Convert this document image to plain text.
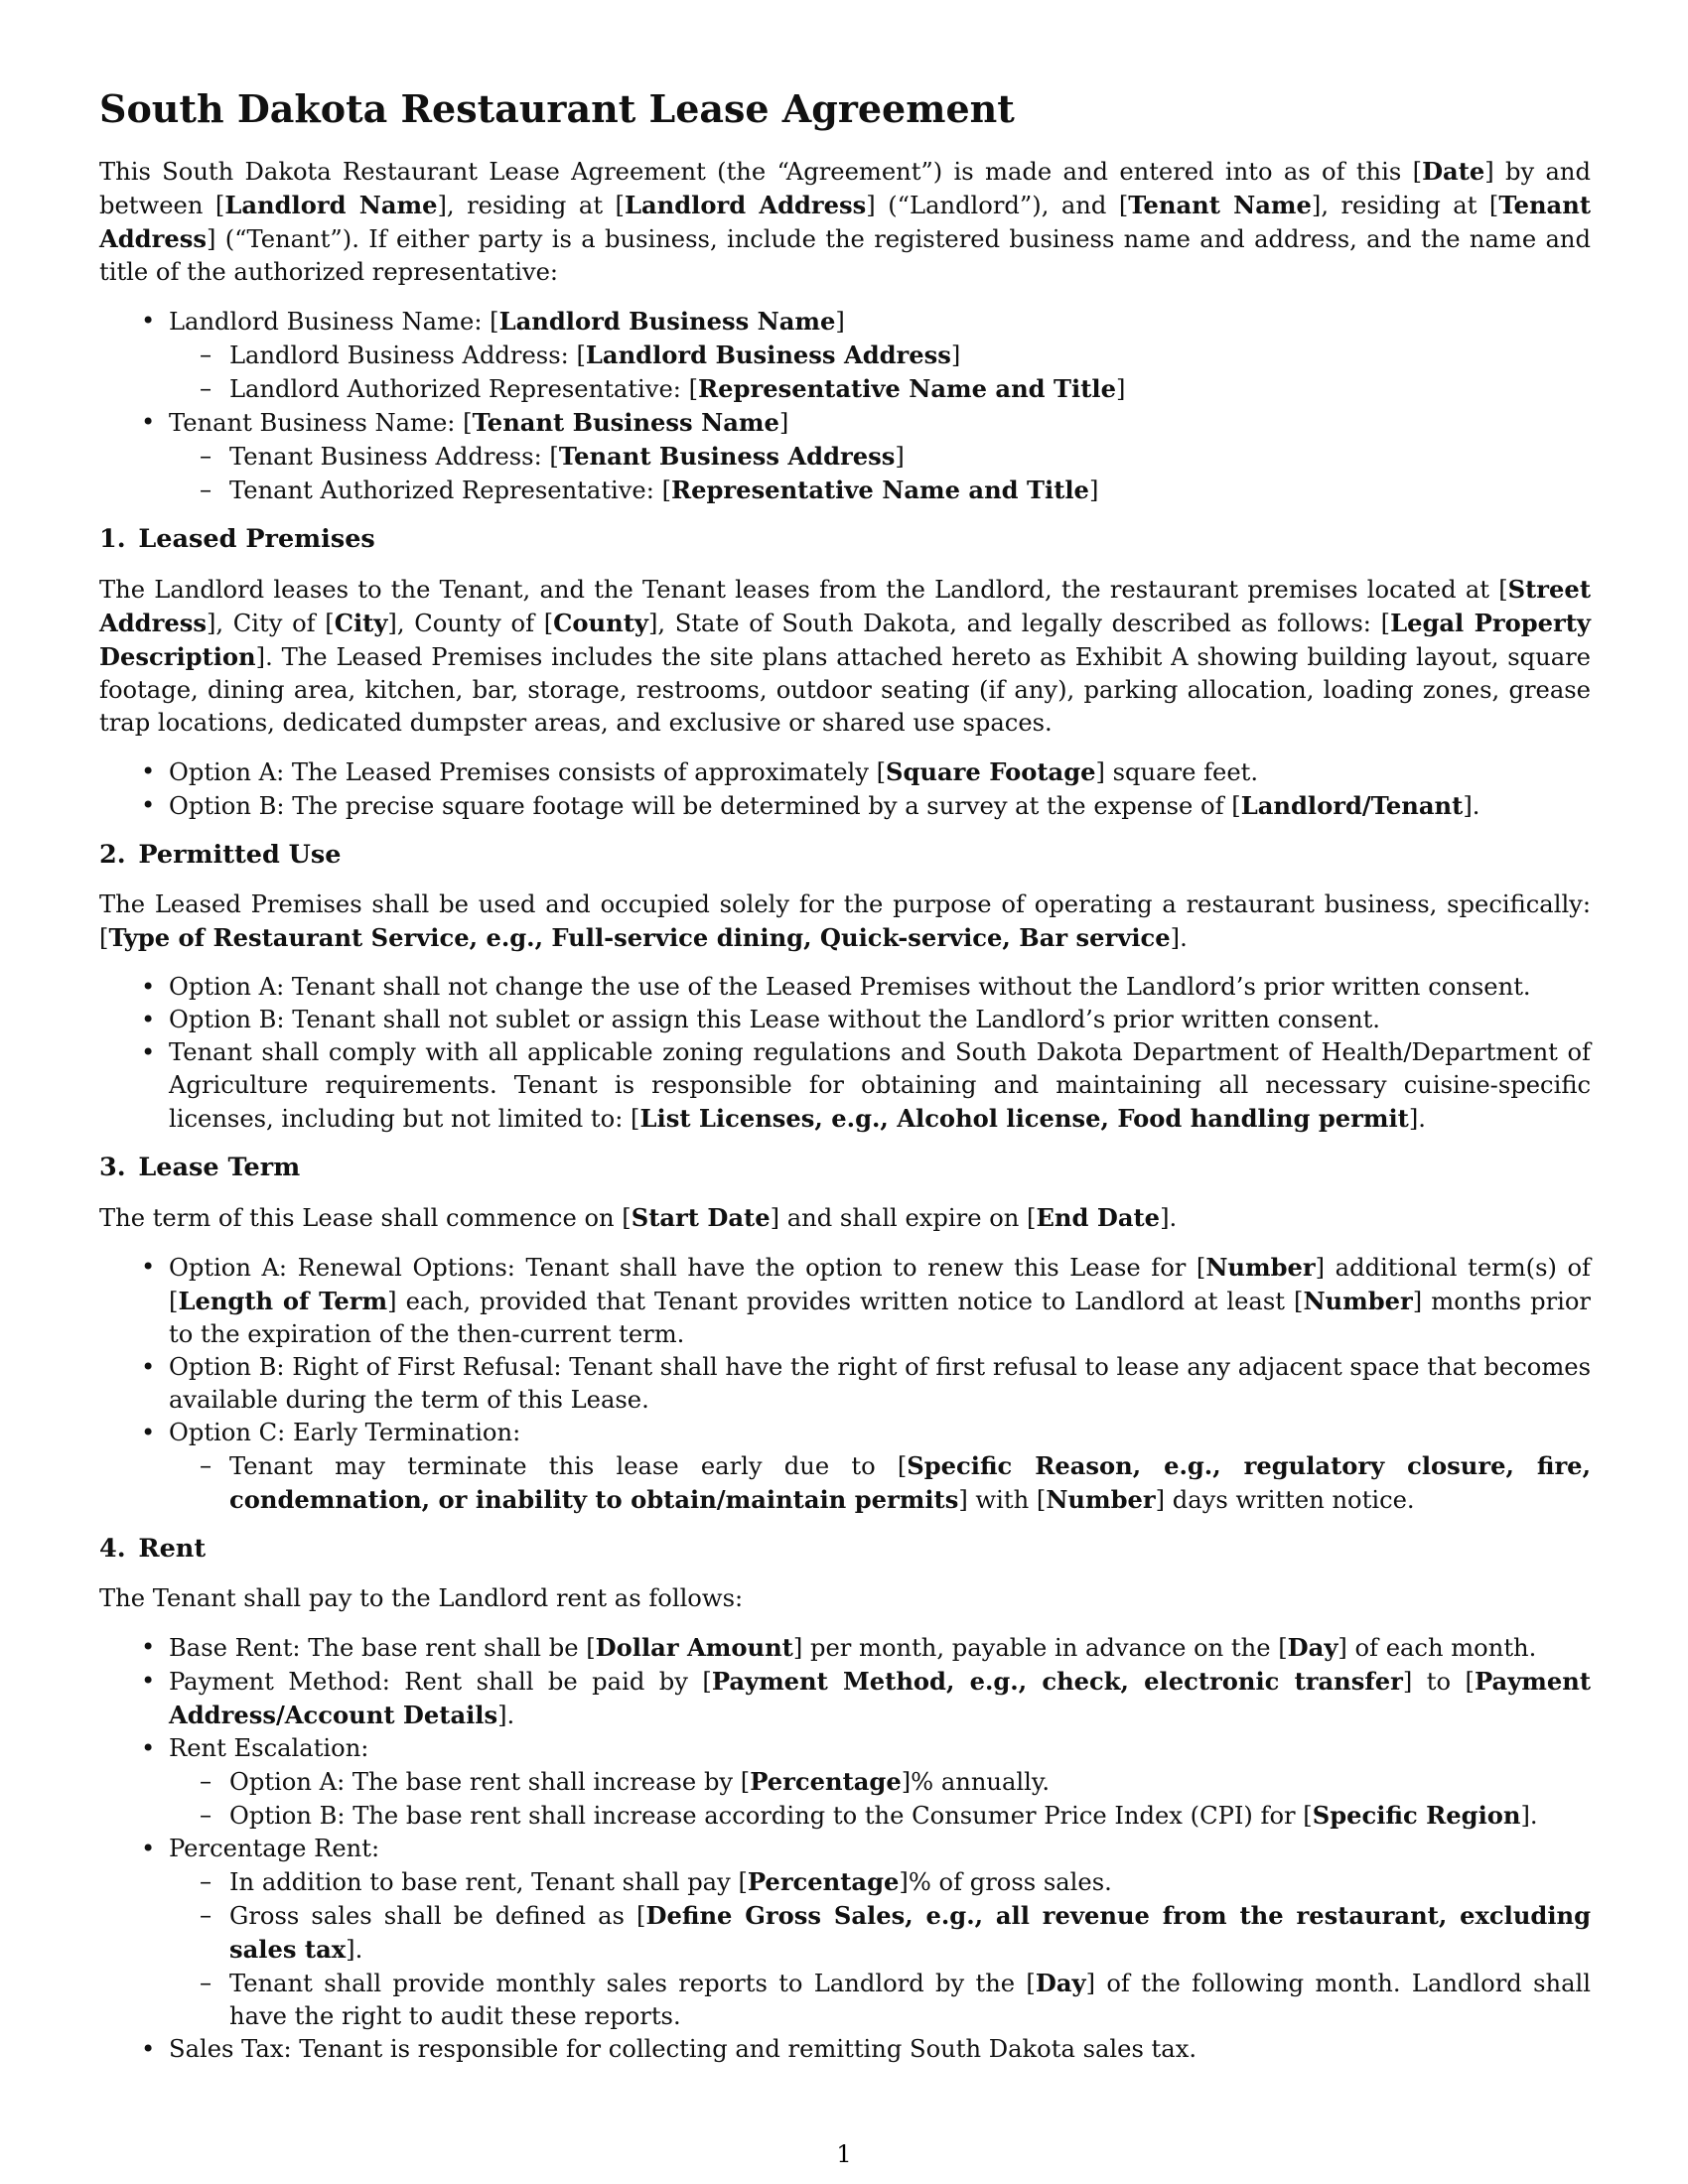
South Dakota Restaurant Lease Agreement

This South Dakota Restaurant Lease Agreement (the “Agreement”) is made and entered into as of this [Date] by and between [Landlord Name], residing at [Landlord Address] (“Landlord”), and [Tenant Name], residing at [Tenant Address] (“Tenant”). If either party is a business, include the registered business name and address, and the name and title of the authorized representative:

• Landlord Business Name: [Landlord Business Name]
– Landlord Business Address: [Landlord Business Address]
– Landlord Authorized Representative: [Representative Name and Title]
• Tenant Business Name: [Tenant Business Name]
– Tenant Business Address: [Tenant Business Address]
– Tenant Authorized Representative: [Representative Name and Title]
1. Leased Premises

The Landlord leases to the Tenant, and the Tenant leases from the Landlord, the restaurant premises located at [Street Address], City of [City], County of [County], State of South Dakota, and legally described as follows: [Legal Property Description]. The Leased Premises includes the site plans attached hereto as Exhibit A showing building layout, square footage, dining area, kitchen, bar, storage, restrooms, outdoor seating (if any), parking allocation, loading zones, grease trap locations, dedicated dumpster areas, and exclusive or shared use spaces.

• Option A: The Leased Premises consists of approximately [Square Footage] square feet.
• Option B: The precise square footage will be determined by a survey at the expense of [Landlord/Tenant].
2. Permitted Use

The Leased Premises shall be used and occupied solely for the purpose of operating a restaurant business, specifically: [Type of Restaurant Service, e.g., Full-service dining, Quick-service, Bar service].

• Option A: Tenant shall not change the use of the Leased Premises without the Landlord’s prior written consent.
• Option B: Tenant shall not sublet or assign this Lease without the Landlord’s prior written consent.
• Tenant shall comply with all applicable zoning regulations and South Dakota Department of Health/Department of Agriculture requirements. Tenant is responsible for obtaining and maintaining all necessary cuisine-specific licenses, including but not limited to: [List Licenses, e.g., Alcohol license, Food handling permit].
3. Lease Term

The term of this Lease shall commence on [Start Date] and shall expire on [End Date].

• Option A: Renewal Options: Tenant shall have the option to renew this Lease for [Number] additional term(s) of [Length of Term] each, provided that Tenant provides written notice to Landlord at least [Number] months prior to the expiration of the then-current term.
• Option B: Right of First Refusal: Tenant shall have the right of first refusal to lease any adjacent space that becomes available during the term of this Lease.
• Option C: Early Termination:
– Tenant may terminate this lease early due to [Specific Reason, e.g., regulatory closure, fire, condemnation, or inability to obtain/maintain permits] with [Number] days written notice.
4. Rent

The Tenant shall pay to the Landlord rent as follows:

• Base Rent: The base rent shall be [Dollar Amount] per month, payable in advance on the [Day] of each month.
• Payment Method: Rent shall be paid by [Payment Method, e.g., check, electronic transfer] to [Payment Address/Account Details].
• Rent Escalation:
– Option A: The base rent shall increase by [Percentage]% annually.
– Option B: The base rent shall increase according to the Consumer Price Index (CPI) for [Specific Region].
• Percentage Rent:
– In addition to base rent, Tenant shall pay [Percentage]% of gross sales.
– Gross sales shall be defined as [Define Gross Sales, e.g., all revenue from the restaurant, excluding sales tax].
– Tenant shall provide monthly sales reports to Landlord by the [Day] of the following month. Landlord shall have the right to audit these reports.
• Sales Tax: Tenant is responsible for collecting and remitting South Dakota sales tax.
1
